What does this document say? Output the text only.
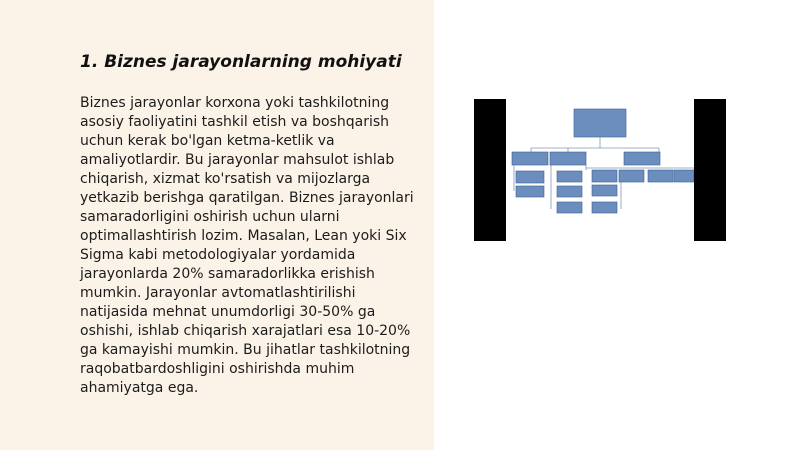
1. Biznes jarayonlarning mohiyati

Biznes jarayonlar korxona yoki tashkilotning asosiy faoliyatini tashkil etish va boshqarish uchun kerak bo'lgan ketma-ketlik va amaliyotlardir. Bu jarayonlar mahsulot ishlab chiqarish, xizmat ko'rsatish va mijozlarga yetkazib berishga qaratilgan. Biznes jarayonlari samaradorligini oshirish uchun ularni optimallashtirish lozim. Masalan, Lean yoki Six Sigma kabi metodologiyalar yordamida jarayonlarda 20% samaradorlikka erishish mumkin. Jarayonlar avtomatlashtirilishi natijasida mehnat unumdorligi 30-50% ga oshishi, ishlab chiqarish xarajatlari esa 10-20% ga kamayishi mumkin. Bu jihatlar tashkilotning raqobatbardoshligini oshirishda muhim ahamiyatga ega.
